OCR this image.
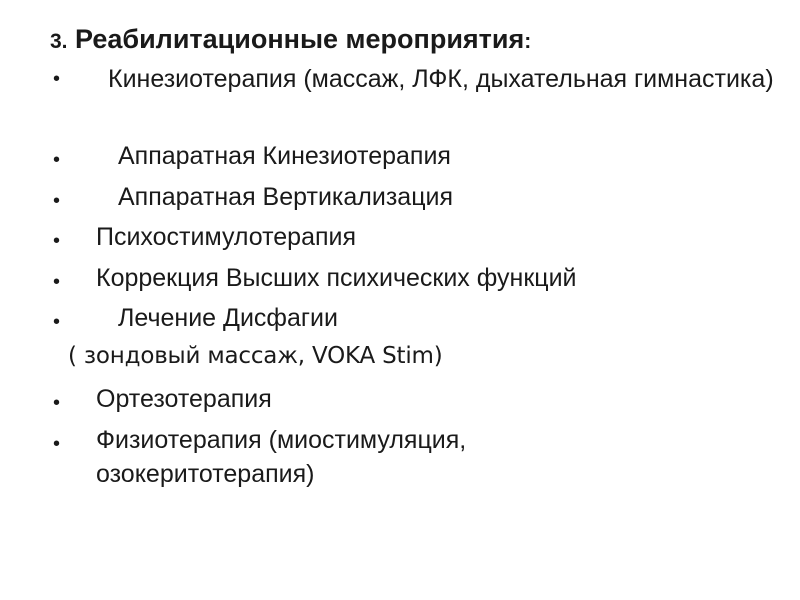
3. Реабилитационные мероприятия:
•	Кинезиотерапия (массаж, ЛФК, дыхательная гимнастика)
• Аппаратная Кинезиотерапия
• Аппаратная Вертикализация
• Психостимулотерапия
• Коррекция Высших психических функций
• Лечение Дисфагии
( зондовый массаж, VOKA Stim)
• Ортезотерапия
• Физиотерапия (миостимуляция, озокеритотерапия)
